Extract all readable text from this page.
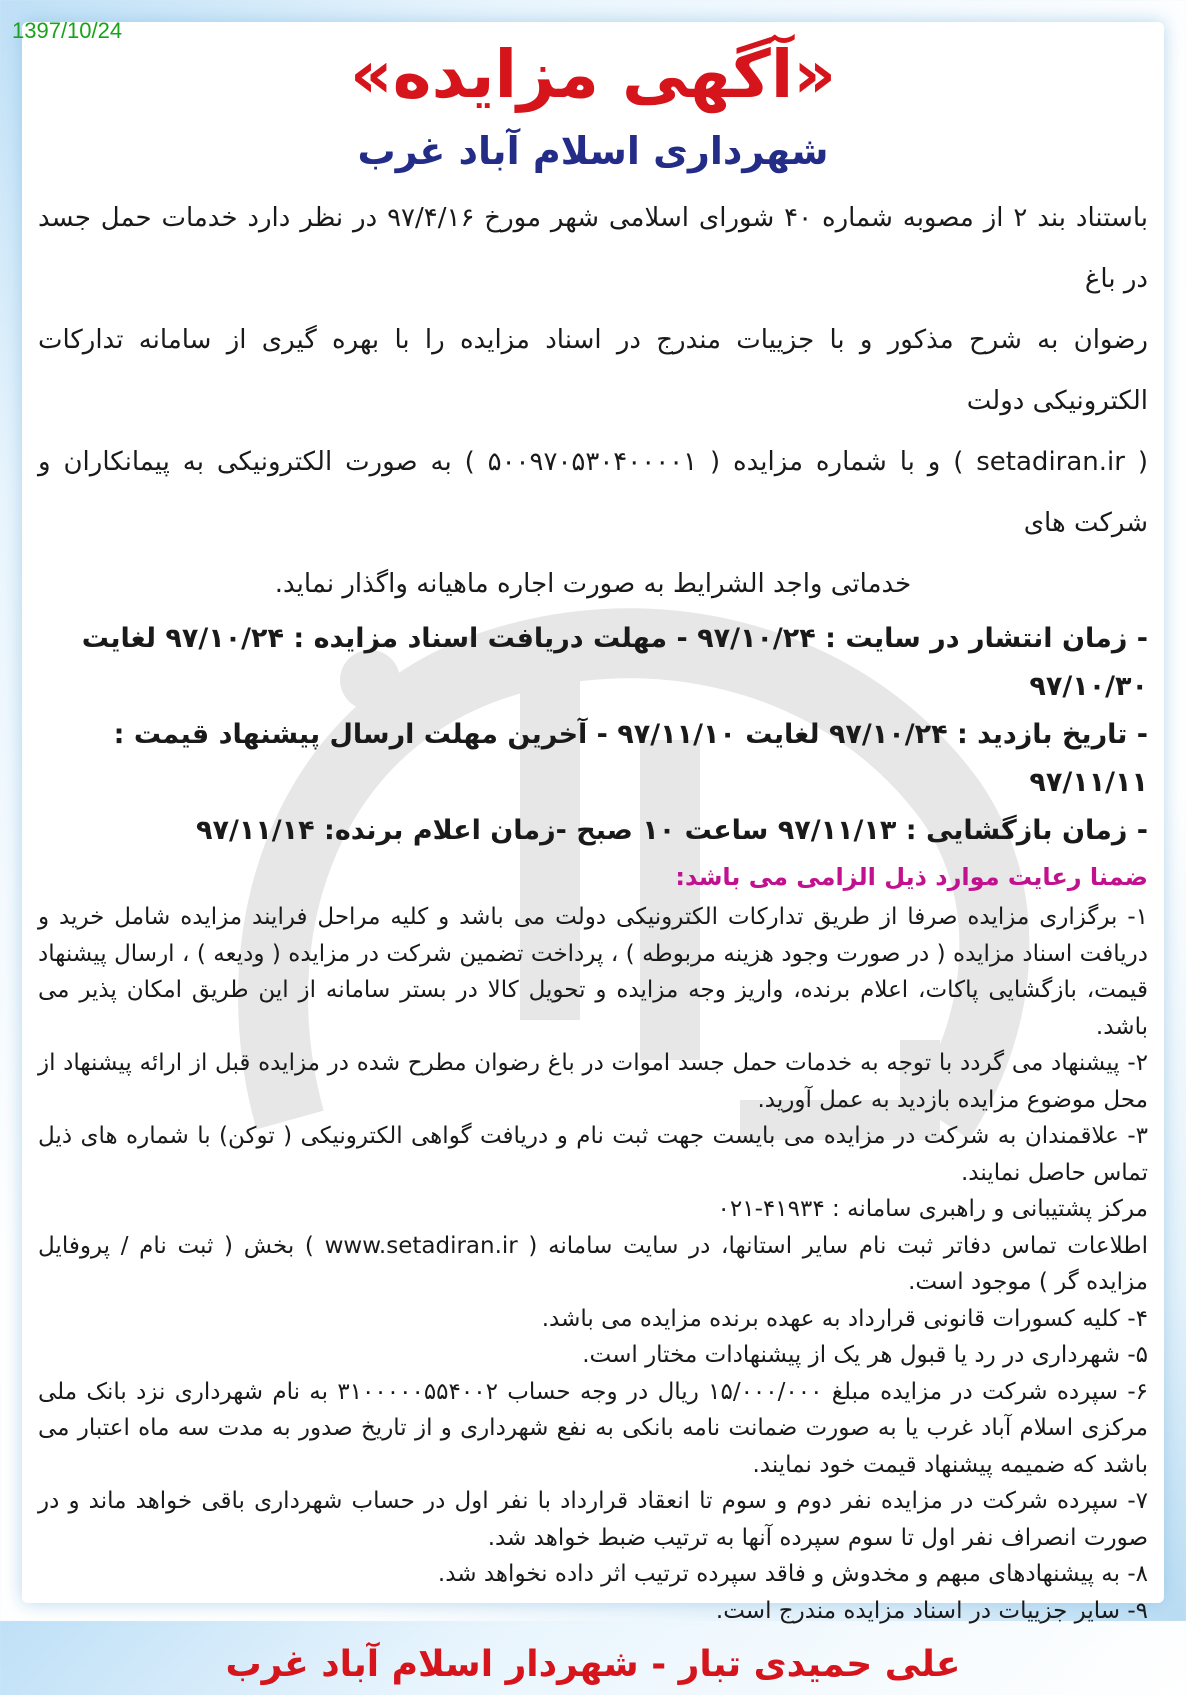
1397/10/24
«آگهی مزایده»
شهرداری اسلام آباد غرب
باستناد بند ۲ از مصوبه شماره ۴۰ شورای اسلامی شهر مورخ ۹۷/۴/۱۶ در نظر دارد خدمات حمل جسد در باغ
رضوان به شرح مذکور و با جزییات مندرج در اسناد مزایده را با بهره گیری از سامانه تدارکات الکترونیکی دولت
( setadiran.ir ) و با شماره مزایده ( ۵۰۰۹۷۰۵۳۰۴۰۰۰۰۱ ) به صورت الکترونیکی به پیمانکاران و شرکت های
خدماتی واجد الشرایط به صورت اجاره ماهیانه واگذار نماید.

- زمان انتشار در سایت : ۹۷/۱۰/۲۴ - مهلت دریافت اسناد مزایده : ۹۷/۱۰/۲۴ لغایت ۹۷/۱۰/۳۰

- تاریخ بازدید : ۹۷/۱۰/۲۴ لغایت ۹۷/۱۱/۱۰ - آخرین مهلت ارسال پیشنهاد قیمت : ۹۷/۱۱/۱۱

- زمان بازگشایی : ۹۷/۱۱/۱۳ ساعت ۱۰ صبح -زمان اعلام برنده: ۹۷/۱۱/۱۴

ضمنا رعایت موارد ذیل الزامی می باشد:

۱- برگزاری مزایده صرفا از طریق تدارکات الکترونیکی دولت می باشد و کلیه مراحل فرایند مزایده شامل خرید و دریافت اسناد مزایده ( در صورت وجود هزینه مربوطه ) ، پرداخت تضمین شرکت در مزایده ( ودیعه ) ، ارسال پیشنهاد قیمت، بازگشایی پاکات، اعلام برنده، واریز وجه مزایده و تحویل کالا در بستر سامانه از این طریق امکان پذیر می باشد.

۲- پیشنهاد می گردد با توجه به خدمات حمل جسد اموات در باغ رضوان مطرح شده در مزایده قبل از ارائه پیشنهاد از محل موضوع مزایده بازدید به عمل آورید.

۳- علاقمندان به شرکت در مزایده می بایست جهت ثبت نام و دریافت گواهی الکترونیکی ( توکن) با شماره های ذیل تماس حاصل نمایند.

مرکز پشتیبانی و راهبری سامانه : ۴۱۹۳۴-۰۲۱

اطلاعات تماس دفاتر ثبت نام سایر استانها، در سایت سامانه ( www.setadiran.ir ) بخش ( ثبت نام / پروفایل مزایده گر ) موجود است.

۴- کلیه کسورات قانونی قرارداد به عهده برنده مزایده می باشد.

۵- شهرداری در رد یا قبول هر یک از پیشنهادات مختار است.

۶- سپرده شرکت در مزایده مبلغ ۱۵/۰۰۰/۰۰۰ ریال در وجه حساب ۳۱۰۰۰۰۰۵۵۴۰۰۲ به نام شهرداری نزد بانک ملی مرکزی اسلام آباد غرب یا به صورت ضمانت نامه بانکی به نفع شهرداری و از تاریخ صدور به مدت سه ماه اعتبار می باشد که ضمیمه پیشنهاد قیمت خود نمایند.

۷- سپرده شرکت در مزایده نفر دوم و سوم تا انعقاد قرارداد با نفر اول در حساب شهرداری باقی خواهد ماند و در صورت انصراف نفر اول تا سوم سپرده آنها به ترتیب ضبط خواهد شد.

۸- به پیشنهادهای مبهم و مخدوش و فاقد سپرده ترتیب اثر داده نخواهد شد.

۹- سایر جزییات در اسناد مزایده مندرج است.

علی حمیدی تبار - شهردار اسلام آباد غرب
